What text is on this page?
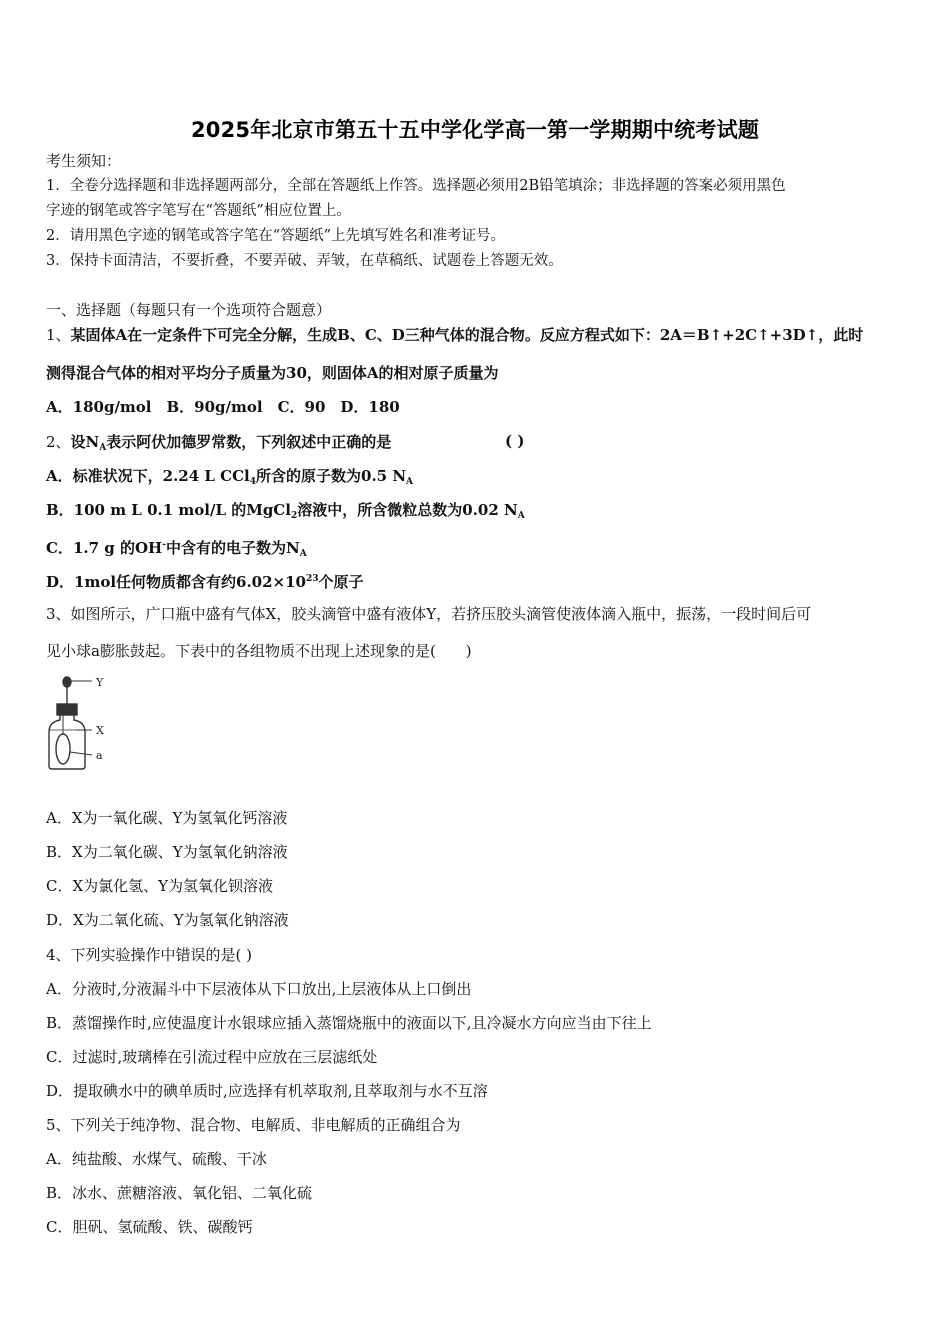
2025年北京市第五十五中学化学高一第一学期期中统考试题
考生须知：
1．全卷分选择题和非选择题两部分，全部在答题纸上作答。选择题必须用2B铅笔填涂；非选择题的答案必须用黑色
字迹的钢笔或答字笔写在“答题纸”相应位置上。
2．请用黑色字迹的钢笔或答字笔在“答题纸”上先填写姓名和准考证号。
3．保持卡面清洁，不要折叠，不要弄破、弄皱，在草稿纸、试题卷上答题无效。
一、选择题（每题只有一个选项符合题意）
1、某固体A在一定条件下可完全分解，生成B、C、D三种气体的混合物。反应方程式如下：2A＝B↑+2C↑+3D↑，此时
测得混合气体的相对平均分子质量为30，则固体A的相对原子质量为
A．180g/mol　B．90g/mol　C．90　D．180
2、设$N_A$表示阿伏加德罗常数，下列叙述中正确的是	( )
A．标准状况下，2.24 L CCl$_4$所含的原子数为0.5 $N_A$
B．100 m L 0.1 mol/L 的MgCl$_2$溶液中，所含微粒总数为0.02 $N_A$
C．1.7 g 的OH-中含有的电子数为$N_A$
D．1mol任何物质都含有约$6.02\times 10^{23}$个原子
3、如图所示，广口瓶中盛有气体X，胶头滴管中盛有液体Y，若挤压胶头滴管使液体滴入瓶中，振荡，一段时间后可
见小球a膨胀鼓起。下表中的各组物质不出现上述现象的是(　　)
Y
X
a
A．X为一氧化碳、Y为氢氧化钙溶液
B．X为二氧化碳、Y为氢氧化钠溶液
C．X为氯化氢、Y为氢氧化钡溶液
D．X为二氧化硫、Y为氢氧化钠溶液
4、下列实验操作中错误的是( )
A．分液时,分液漏斗中下层液体从下口放出,上层液体从上口倒出
B．蒸馏操作时,应使温度计水银球应插入蒸馏烧瓶中的液面以下,且冷凝水方向应当由下往上
C．过滤时,玻璃棒在引流过程中应放在三层滤纸处
D．提取碘水中的碘单质时,应选择有机萃取剂,且萃取剂与水不互溶
5、下列关于纯净物、混合物、电解质、非电解质的正确组合为
A．纯盐酸、水煤气、硫酸、干冰
B．冰水、蔗糖溶液、氧化铝、二氧化硫
C．胆矾、氢硫酸、铁、碳酸钙
